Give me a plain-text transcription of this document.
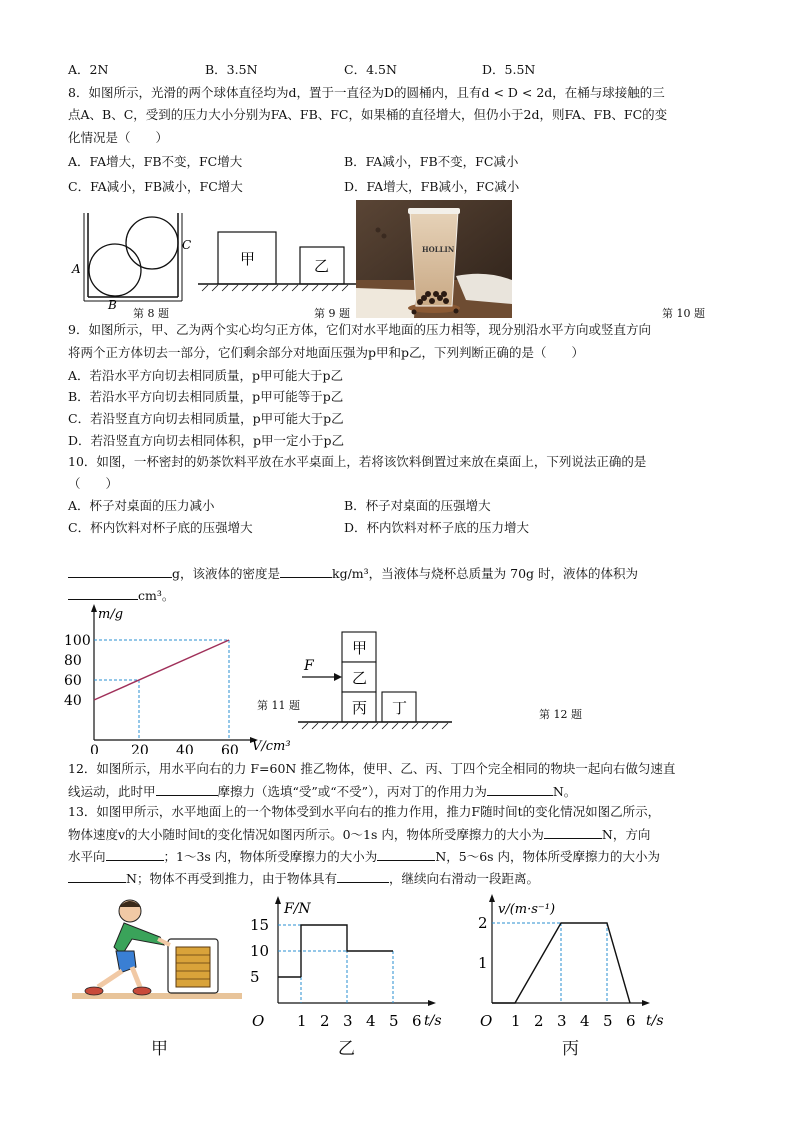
A．2N	B．3.5N	C．4.5N	D．5.5N
8．如图所示，光滑的两个球体直径均为d，置于一直径为D的圆桶内，且有d < D < 2d，在桶与球接触的三
点A、B、C，受到的压力大小分别为FA、FB、FC，如果桶的直径增大，但仍小于2d，则FA、FB、FC的变
化情况是（　　）
A．FA增大，FB不变，FC增大	B．FA减小，FB不变，FC减小
C．FA减小，FB减小，FC增大	D．FA增大，FB减小，FC减小
A
B
C
第 8 题
甲	乙
第 9 题
HOLLIN
第 10 题
9．如图所示，甲、乙为两个实心均匀正方体，它们对水平地面的压力相等，现分别沿水平方向或竖直方向
将两个正方体切去一部分，它们剩余部分对地面压强为p甲和p乙，下列判断正确的是（　　）
A．若沿水平方向切去相同质量，p甲可能大于p乙
B．若沿水平方向切去相同质量，p甲可能等于p乙
C．若沿竖直方向切去相同质量，p甲可能大于p乙
D．若沿竖直方向切去相同体积，p甲一定小于p乙
10．如图，一杯密封的奶茶饮料平放在水平桌面上，若将该饮料倒置过来放在桌面上，下列说法正确的是
（　　）
A．杯子对桌面的压力减小	B．杯子对桌面的压强增大
C．杯内饮料对杯子底的压强增大	D．杯内饮料对杯子底的压力增大
g，该液体的密度是	kg/m³，当液体与烧杯总质量为 70g 时，液体的体积为
cm³。
m/g
V/cm³
100
80
60
40
0 20 40 60
第 11 题
甲
乙
丙 丁
F
第 12 题
12．如图所示，用水平向右的力 F=60N 推乙物体，使甲、乙、丙、丁四个完全相同的物块一起向右做匀速直
线运动，此时甲	摩擦力（选填“受”或“不受”），丙对丁的作用力为	N。
13．如图甲所示，水平地面上的一个物体受到水平向右的推力作用，推力F随时间t的变化情况如图乙所示，
物体速度v的大小随时间t的变化情况如图丙所示。0～1s 内，物体所受摩擦力的大小为	N，方向
水平向	；1～3s 内，物体所受摩擦力的大小为	N，5～6s 内，物体所受摩擦力的大小为
N；物体不再受到推力，由于物体具有	，继续向右滑动一段距离。
甲
F/N
t/s
15
10
5
O 1 2 3 4 5 6
乙
v/(m·s⁻¹)
t/s
2
1
O 1 2 3 4 5 6
丙
